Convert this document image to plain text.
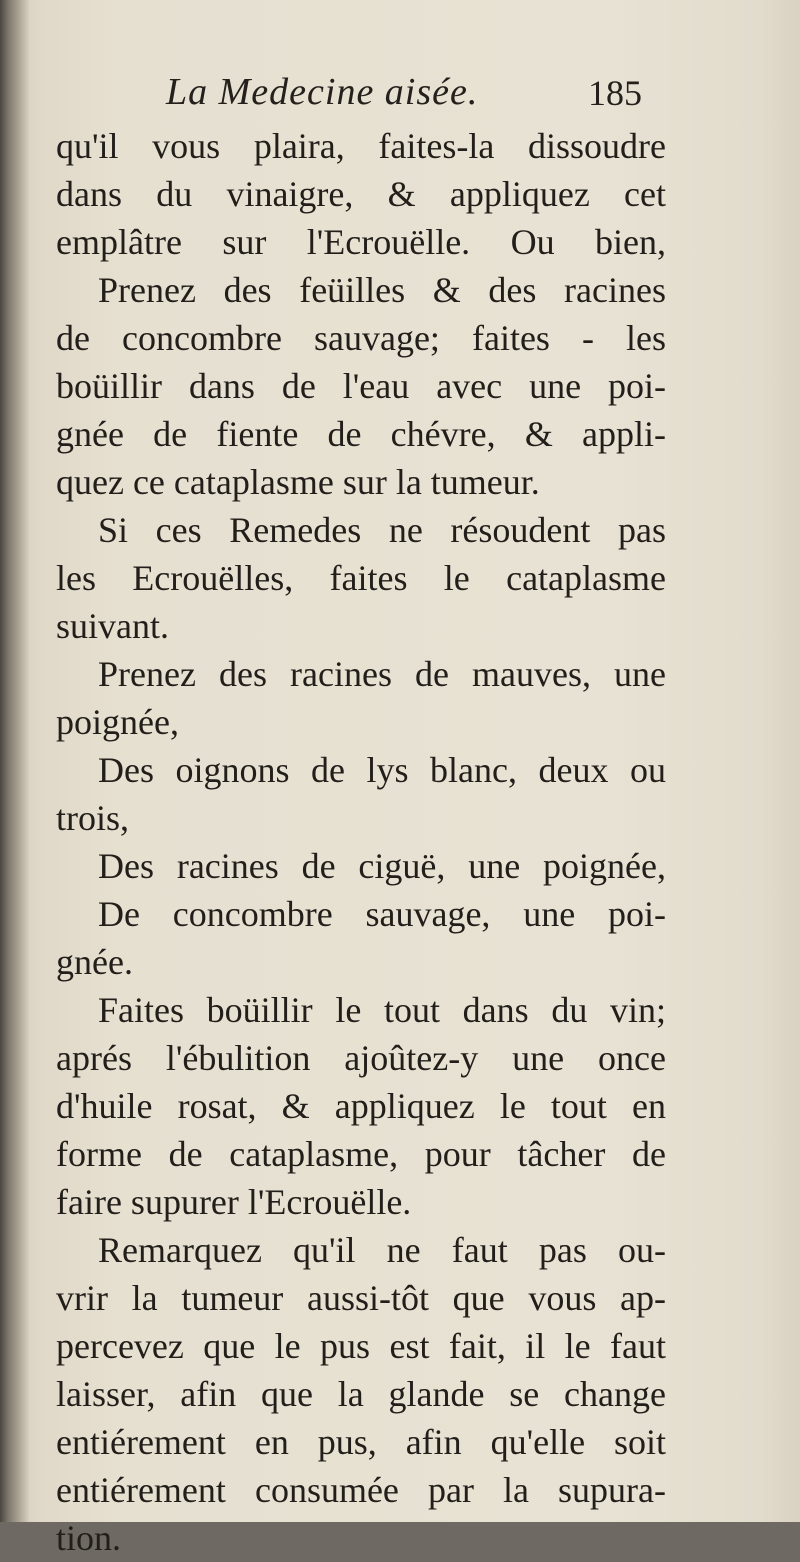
La Medecine aisée.	185
qu'il vous plaira, faites-la dissoudre
dans du vinaigre, & appliquez cet
emplâtre sur l'Ecrouëlle. Ou bien,
Prenez des feüilles & des racines
de concombre sauvage; faites - les
boüillir dans de l'eau avec une poi-
gnée de fiente de chévre, & appli-
quez ce cataplasme sur la tumeur.
Si ces Remedes ne résoudent pas
les Ecrouëlles, faites le cataplasme
suivant.
Prenez des racines de mauves, une
poignée,
Des oignons de lys blanc, deux ou
trois,
Des racines de ciguë, une poignée,
De concombre sauvage, une poi-
gnée.
Faites boüillir le tout dans du vin;
aprés l'ébulition ajoûtez-y une once
d'huile rosat, & appliquez le tout en
forme de cataplasme, pour tâcher de
faire supurer l'Ecrouëlle.
Remarquez qu'il ne faut pas ou-
vrir la tumeur aussi-tôt que vous ap-
percevez que le pus est fait, il le faut
laisser, afin que la glande se change
entiérement en pus, afin qu'elle soit
entiérement consumée par la supura-
tion.
